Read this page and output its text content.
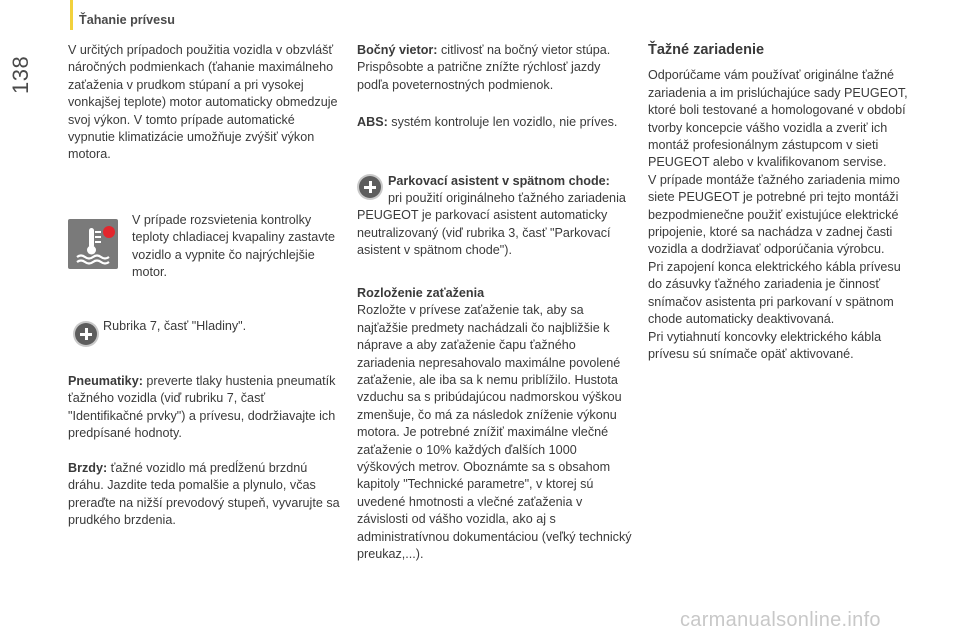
Ťahanie prívesu
138

V určitých prípadoch použitia vozidla v obzvlášť náročných podmienkach (ťahanie maximálneho zaťaženia v prudkom stúpaní a pri vysokej vonkajšej teplote) motor automaticky obmedzuje svoj výkon. V tomto prípade automatické vypnutie klimatizácie umožňuje zvýšiť výkon motora.

V prípade rozsvietenia kontrolky teploty chladiacej kvapaliny zastavte vozidlo a vypnite čo najrýchlejšie motor.

Rubrika 7, časť "Hladiny".

Pneumatiky: preverte tlaky hustenia pneumatík ťažného vozidla (viď rubriku 7, časť "Identifikačné prvky") a prívesu, dodržiavajte ich predpísané hodnoty.

Brzdy: ťažné vozidlo má predĺženú brzdnú dráhu. Jazdite teda pomalšie a plynulo, včas preraďte na nižší prevodový stupeň, vyvarujte sa prudkého brzdenia.

Bočný vietor: citlivosť na bočný vietor stúpa. Prispôsobte a patrične znížte rýchlosť jazdy podľa poveternostných podmienok.

ABS: systém kontroluje len vozidlo, nie príves.

Parkovací asistent v spätnom chode:

pri použití originálneho ťažného zariadenia PEUGEOT je parkovací asistent automaticky neutralizovaný (viď rubrika 3, časť "Parkovací asistent v spätnom chode").

Rozloženie zaťaženia

Rozložte v prívese zaťaženie tak, aby sa najťažšie predmety nachádzali čo najbližšie k náprave a aby zaťaženie čapu ťažného zariadenia nepresahovalo maximálne povolené zaťaženie, ale iba sa k nemu priblížilo. Hustota vzduchu sa s pribúdajúcou nadmorskou výškou zmenšuje, čo má za následok zníženie výkonu motora. Je potrebné znížiť maximálne vlečné zaťaženie o 10% každých ďalších 1000 výškových metrov. Oboznámte sa s obsahom kapitoly "Technické parametre", v ktorej sú uvedené hmotnosti a vlečné zaťaženia v závislosti od vášho vozidla, ako aj s administratívnou dokumentáciou (veľký technický preukaz,...).

Ťažné zariadenie

Odporúčame vám používať originálne ťažné zariadenia a im prislúchajúce sady PEUGEOT, ktoré boli testované a homologované v období tvorby koncepcie vášho vozidla a zveriť ich montáž profesionálnym zástupcom v sieti PEUGEOT alebo v kvalifikovanom servise.

V prípade montáže ťažného zariadenia mimo siete PEUGEOT je potrebné pri tejto montáži bezpodmienečne použiť existujúce elektrické pripojenie, ktoré sa nachádza v zadnej časti vozidla a dodržiavať odporúčania výrobcu.

Pri zapojení konca elektrického kábla prívesu do zásuvky ťažného zariadenia je činnosť snímačov asistenta pri parkovaní v spätnom chode automaticky deaktivovaná.

Pri vytiahnutí koncovky elektrického kábla prívesu sú snímače opäť aktivované.

carmanualsonline.info
